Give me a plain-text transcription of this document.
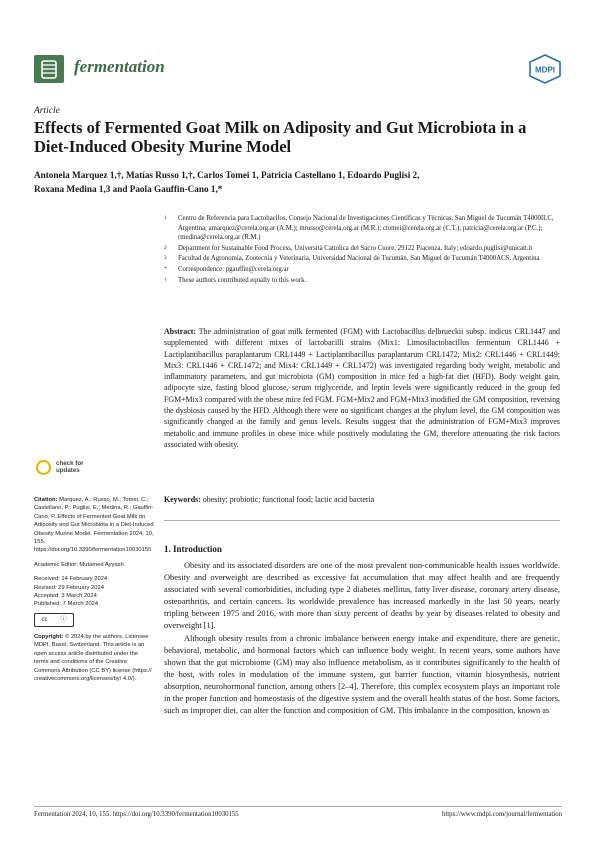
fermentation	MDPI
Article
Effects of Fermented Goat Milk on Adiposity and Gut Microbiota in a Diet-Induced Obesity Murine Model
Antonela Marquez 1,†, Matías Russo 1,†, Carlos Tomei 1, Patricia Castellano 1, Edoardo Puglisi 2,
Roxana Medina 1,3 and Paola Gauffin-Cano 1,*
1 Centro de Referencia para Lactobacilos, Consejo Nacional de Investigaciones Científicas y Técnicas, San Miguel de Tucumán T4000ILC, Argentina; amarquez@cerela.org.ar (A.M.); mrusso@cerela.org.ar (M.R.); ctomei@cerela.org.ar (C.T.); patricia@cerela.org.ar (P.C.); rmedina@cerela.org.ar (R.M.)
2 Department for Sustainable Food Process, Università Cattolica del Sacro Cuore, 29122 Piacenza, Italy; edoardo.puglisi@unicatt.it
3 Facultad de Agronomía, Zootecnia y Veterinaria, Universidad Nacional de Tucumán, San Miguel de Tucumán T4000ACS, Argentina
* Correspondence: pgauffin@cerela.org.ar
† These authors contributed equally to this work.
Abstract: The administration of goat milk fermented (FGM) with Lactobacillus delbrueckii subsp. indicus CRL1447 and supplemented with different mixes of lactobacilli strains (Mix1: Limosilactobacillus fermentum CRL1446 + Lactiplantibacillus paraplantarum CRL1449 + Lactiplantibacillus paraplantarum CRL1472; Mix2: CRL1446 + CRL1449; Mix3: CRL1446 + CRL1472; and Mix4: CRL1449 + CRL1472) was investigated regarding body weight, metabolic and inflammatory parameters, and gut microbiota (GM) composition in mice fed a high-fat diet (HFD). Body weight gain, adipocyte size, fasting blood glucose, serum triglyceride, and leptin levels were significantly reduced in the group fed FGM+Mix3 compared with the obese mice fed FGM. FGM+Mix2 and FGM+Mix3 modified the GM composition, reversing the dysbiosis caused by the HFD. Although there were no significant changes at the phylum level, the GM composition was significantly changed at the family and genus levels. Results suggest that the administration of FGM+Mix3 improves metabolic and immune profiles in obese mice while positively modulating the GM, therefore attenuating the risk factors associated with obesity.
Keywords: obesity; probiotic; functional food; lactic acid bacteria
check for
updates
Citation: Marquez, A.; Russo, M.; Tomei, C.; Castellano, P.; Puglisi, E.; Medina, R.; Gauffin-Cano, P. Effects of Fermented Goat Milk on Adiposity and Gut Microbiota in a Diet-Induced Obesity Murine Model. Fermentation 2024, 10, 155. https://doi.org/10.3390/fermentation10030155
Academic Editor: Mutamed Ayyash
Received: 14 February 2024
Revised: 29 February 2024
Accepted: 3 March 2024
Published: 7 March 2024
cc ⓘ
Copyright: © 2024 by the authors. Licensee MDPI, Basel, Switzerland. This article is an open access article distributed under the terms and conditions of the Creative Commons Attribution (CC BY) license (https:// creativecommons.org/licenses/by/ 4.0/).
1. Introduction

Obesity and its associated disorders are one of the most prevalent non-communicable health issues worldwide. Obesity and overweight are described as excessive fat accumulation that may affect health and are frequently associated with several comorbidities, including type 2 diabetes mellitus, fatty liver disease, coronary artery disease, osteoarthritis, and certain cancers. Its worldwide prevalence has increased markedly in the last 50 years, nearly tripling between 1975 and 2016, with more than sixty percent of deaths by year by diseases related to obesity and overweight [1].

Although obesity results from a chronic imbalance between energy intake and expenditure, there are genetic, behavioral, metabolic, and hormonal factors which can influence body weight. In recent years, some authors have shown that the gut microbiome (GM) may also influence metabolism, as it contributes significantly to the health of the host, with roles in modulation of the immune system, gut barrier function, vitamin biosynthesis, nutrient absorption, neurohormonal function, among others [2–4]. Therefore, this complex ecosystem plays an important role in the proper function and homeostasis of the digestive system and the overall health status of the host. Some factors, such as improper diet, can alter the function and composition of GM. This imbalance in the composition, known as

Fermentation 2024, 10, 155. https://doi.org/10.3390/fermentation10030155	https://www.mdpi.com/journal/fermentation
